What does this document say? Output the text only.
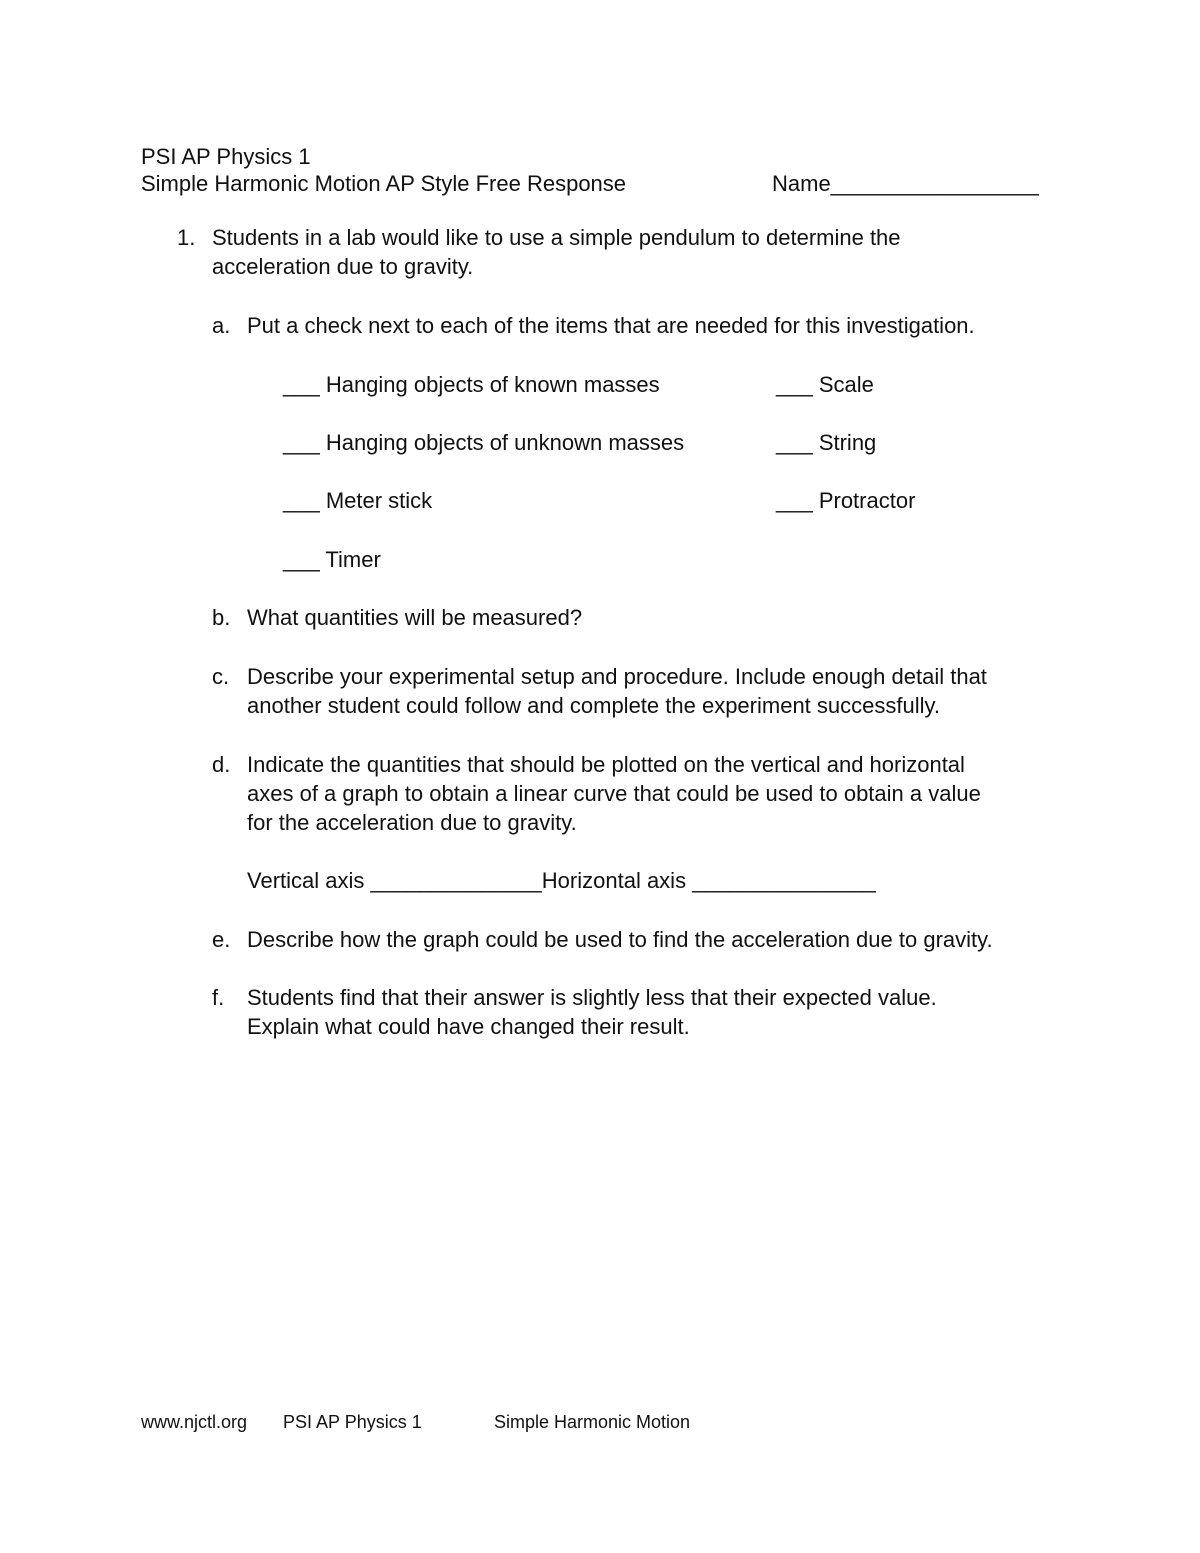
PSI AP Physics 1
Simple Harmonic Motion AP Style Free Response	Name_________________
1. Students in a lab would like to use a simple pendulum to determine the
acceleration due to gravity.
a. Put a check next to each of the items that are needed for this investigation.
___ Hanging objects of known masses	___ Scale
___ Hanging objects of unknown masses	___ String
___ Meter stick	___ Protractor
___ Timer
b. What quantities will be measured?
c. Describe your experimental setup and procedure. Include enough detail that
another student could follow and complete the experiment successfully.
d. Indicate the quantities that should be plotted on the vertical and horizontal
axes of a graph to obtain a linear curve that could be used to obtain a value
for the acceleration due to gravity.
Vertical axis ______________Horizontal axis _______________
e. Describe how the graph could be used to find the acceleration due to gravity.
f. Students find that their answer is slightly less that their expected value.
Explain what could have changed their result.
www.njctl.org PSI AP Physics 1	Simple Harmonic Motion
